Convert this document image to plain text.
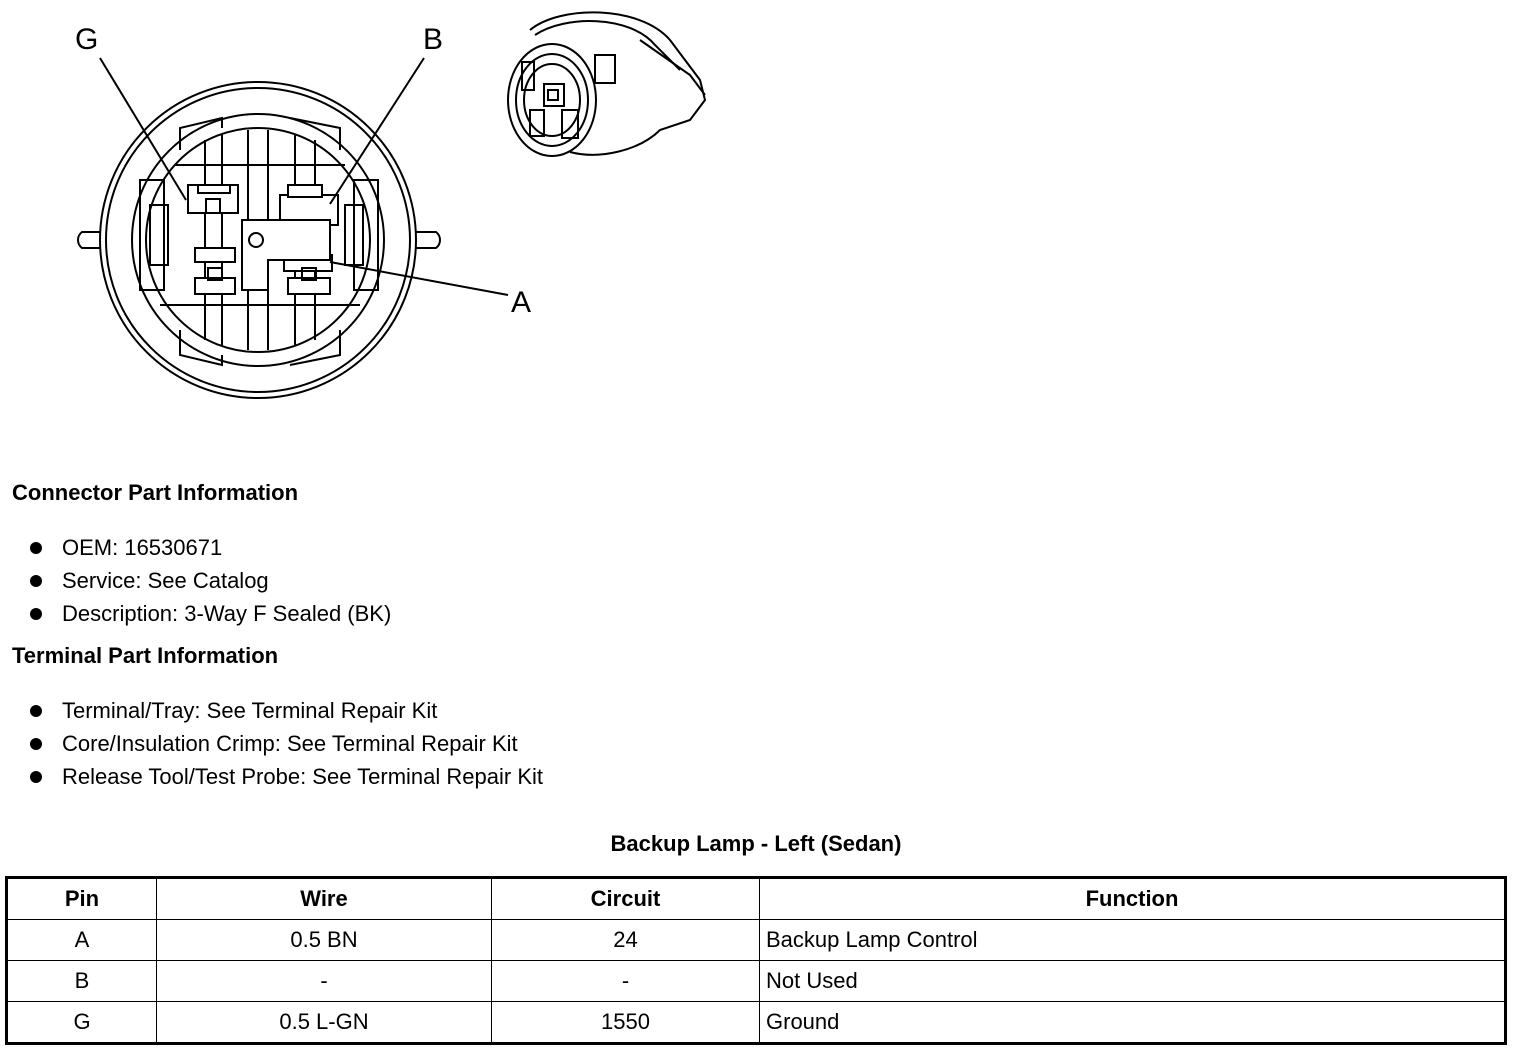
G	B
A
Connector Part Information
OEM: 16530671
Service: See Catalog
Description: 3-Way F Sealed (BK)
Terminal Part Information
Terminal/Tray: See Terminal Repair Kit
Core/Insulation Crimp: See Terminal Repair Kit
Release Tool/Test Probe: See Terminal Repair Kit

Backup Lamp - Left (Sedan)

Pin	Wire	Circuit	Function
A	0.5 BN	24	Backup Lamp Control
B	-	-	Not Used
G	0.5 L-GN	1550	Ground
